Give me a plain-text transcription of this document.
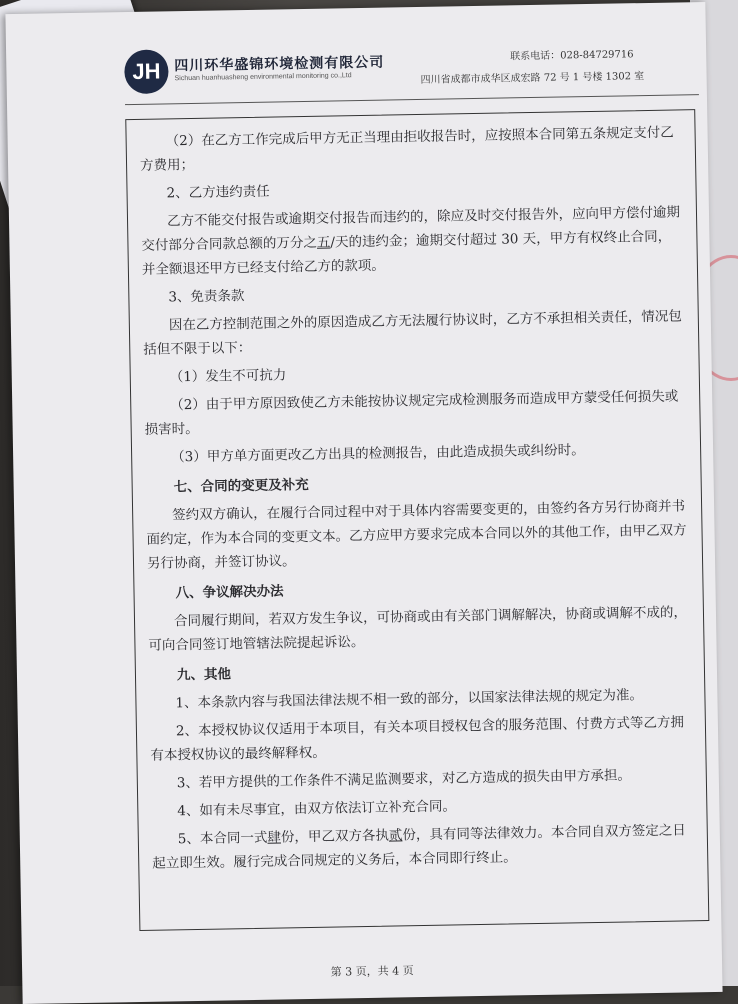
JH 四川环华盛锦环境检测有限公司
Sichuan huanhuasheng environmental monitoring co.,Ltd
联系电话：028-84729716
四川省成都市成华区成宏路 72 号 1 号楼 1302 室

（2）在乙方工作完成后甲方无正当理由拒收报告时，应按照本合同第五条规定支付乙方费用；

2、乙方违约责任

乙方不能交付报告或逾期交付报告而违约的，除应及时交付报告外，应向甲方偿付逾期交付部分合同款总额的万分之五/天的违约金；逾期交付超过 30 天，甲方有权终止合同，并全额退还甲方已经支付给乙方的款项。

3、免责条款

因在乙方控制范围之外的原因造成乙方无法履行协议时，乙方不承担相关责任，情况包括但不限于以下：

（1）发生不可抗力

（2）由于甲方原因致使乙方未能按协议规定完成检测服务而造成甲方蒙受任何损失或损害时。

（3）甲方单方面更改乙方出具的检测报告，由此造成损失或纠纷时。

七、合同的变更及补充

签约双方确认，在履行合同过程中对于具体内容需要变更的，由签约各方另行协商并书面约定，作为本合同的变更文本。乙方应甲方要求完成本合同以外的其他工作，由甲乙双方另行协商，并签订协议。

八、争议解决办法

合同履行期间，若双方发生争议，可协商或由有关部门调解解决，协商或调解不成的，可向合同签订地管辖法院提起诉讼。

九、其他

1、本条款内容与我国法律法规不相一致的部分，以国家法律法规的规定为准。

2、本授权协议仅适用于本项目，有关本项目授权包含的服务范围、付费方式等乙方拥有本授权协议的最终解释权。

3、若甲方提供的工作条件不满足监测要求，对乙方造成的损失由甲方承担。

4、如有未尽事宜，由双方依法订立补充合同。

5、本合同一式肆份，甲乙双方各执贰份，具有同等法律效力。本合同自双方签定之日起立即生效。履行完成合同规定的义务后，本合同即行终止。

第 3 页，共 4 页
